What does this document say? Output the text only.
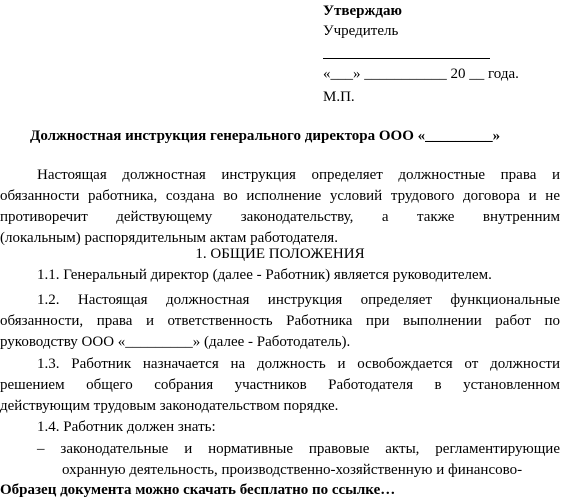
Утверждаю
Учредитель
«___» ___________ 20 __ года.
М.П.
Должностная инструкция генерального директора ООО «_________»
Настоящая должностная инструкция определяет должностные права и
обязанности работника, создана во исполнение условий трудового договора и не
противоречит действующему законодательству, а также внутренним
(локальным) распорядительным актам работодателя.
1. ОБЩИЕ ПОЛОЖЕНИЯ
1.1. Генеральный директор (далее - Работник) является руководителем.
1.2. Настоящая должностная инструкция определяет функциональные
обязанности, права и ответственность Работника при выполнении работ по
руководству ООО «_________» (далее - Работодатель).
1.3. Работник назначается на должность и освобождается от должности
решением общего собрания участников Работодателя в установленном
действующим трудовым законодательством порядке.
1.4. Работник должен знать:
– законодательные и нормативные правовые акты, регламентирующие
охранную деятельность, производственно-хозяйственную и финансово-
Образец документа можно скачать бесплатно по ссылке…
